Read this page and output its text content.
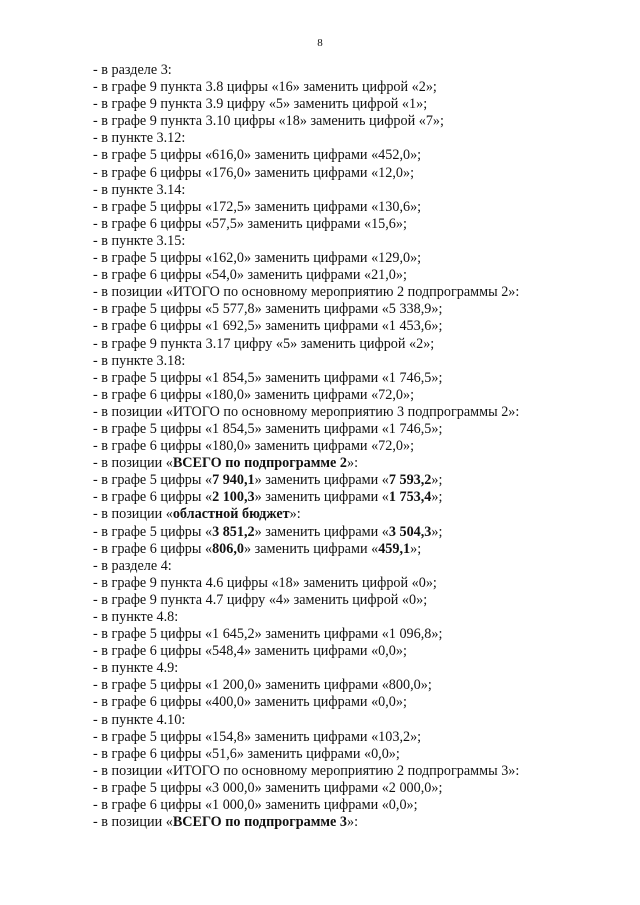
8
- в разделе 3:
- в графе 9 пункта 3.8 цифры «16» заменить цифрой «2»;
- в графе 9 пункта 3.9 цифру «5» заменить цифрой «1»;
- в графе 9 пункта 3.10 цифры «18» заменить цифрой «7»;
- в пункте 3.12:
- в графе 5 цифры «616,0» заменить цифрами «452,0»;
- в графе 6 цифры «176,0» заменить цифрами «12,0»;
- в пункте 3.14:
- в графе 5 цифры «172,5» заменить цифрами «130,6»;
- в графе 6 цифры «57,5» заменить цифрами «15,6»;
- в пункте 3.15:
- в графе 5 цифры «162,0» заменить цифрами «129,0»;
- в графе 6 цифры «54,0» заменить цифрами «21,0»;
- в позиции «ИТОГО по основному мероприятию 2 подпрограммы 2»:
- в графе 5 цифры «5 577,8» заменить цифрами «5 338,9»;
- в графе 6 цифры «1 692,5» заменить цифрами «1 453,6»;
- в графе 9 пункта 3.17 цифру «5» заменить цифрой «2»;
- в пункте 3.18:
- в графе 5 цифры «1 854,5» заменить цифрами «1 746,5»;
- в графе 6 цифры «180,0» заменить цифрами «72,0»;
- в позиции «ИТОГО по основному мероприятию 3 подпрограммы 2»:
- в графе 5 цифры «1 854,5» заменить цифрами «1 746,5»;
- в графе 6 цифры «180,0» заменить цифрами «72,0»;
- в позиции «ВСЕГО по подпрограмме 2»:
- в графе 5 цифры «7 940,1» заменить цифрами «7 593,2»;
- в графе 6 цифры «2 100,3» заменить цифрами «1 753,4»;
- в позиции «областной бюджет»:
- в графе 5 цифры «3 851,2» заменить цифрами «3 504,3»;
- в графе 6 цифры «806,0» заменить цифрами «459,1»;
- в разделе 4:
- в графе 9 пункта 4.6 цифры «18» заменить цифрой «0»;
- в графе 9 пункта 4.7 цифру «4» заменить цифрой «0»;
- в пункте 4.8:
- в графе 5 цифры «1 645,2» заменить цифрами «1 096,8»;
- в графе 6 цифры «548,4» заменить цифрами «0,0»;
- в пункте 4.9:
- в графе 5 цифры «1 200,0» заменить цифрами «800,0»;
- в графе 6 цифры «400,0» заменить цифрами «0,0»;
- в пункте 4.10:
- в графе 5 цифры «154,8» заменить цифрами «103,2»;
- в графе 6 цифры «51,6» заменить цифрами «0,0»;
- в позиции «ИТОГО по основному мероприятию 2 подпрограммы 3»:
- в графе 5 цифры «3 000,0» заменить цифрами «2 000,0»;
- в графе 6 цифры «1 000,0» заменить цифрами «0,0»;
- в позиции «ВСЕГО по подпрограмме 3»:
